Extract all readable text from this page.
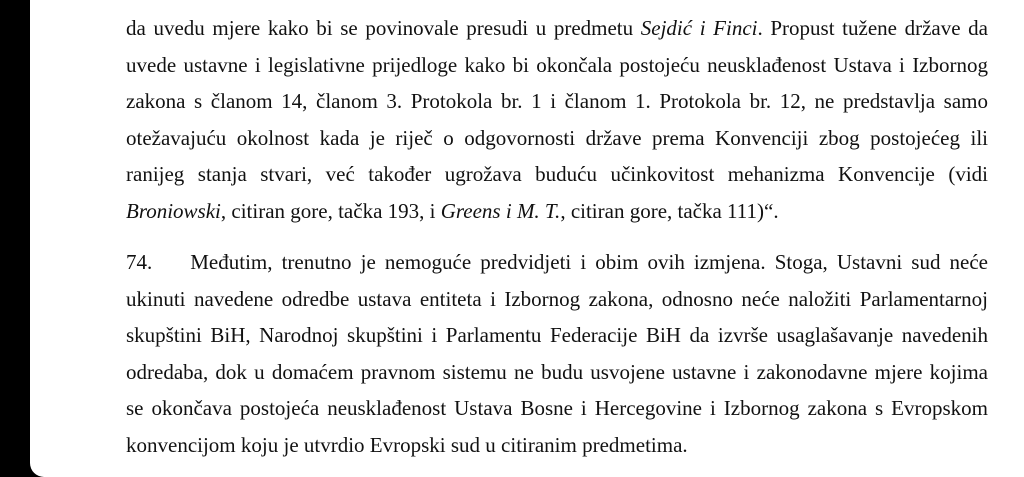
da uvedu mjere kako bi se povinovale presudi u predmetu Sejdić i Finci. Propust tužene države da
uvede ustavne i legislativne prijedloge kako bi okončala postojeću neusklađenost Ustava i Izbornog
zakona s članom 14, članom 3. Protokola br. 1 i članom 1. Protokola br. 12, ne predstavlja samo
otežavajuću okolnost kada je riječ o odgovornosti države prema Konvenciji zbog postojećeg ili
ranijeg stanja stvari, već također ugrožava buduću učinkovitost mehanizma Konvencije (vidi
Broniowski, citiran gore, tačka 193, i Greens i M. T., citiran gore, tačka 111)“.
74. Međutim, trenutno je nemoguće predvidjeti i obim ovih izmjena. Stoga, Ustavni sud neće
ukinuti navedene odredbe ustava entiteta i Izbornog zakona, odnosno neće naložiti Parlamentarnoj
skupštini BiH, Narodnoj skupštini i Parlamentu Federacije BiH da izvrše usaglašavanje navedenih
odredaba, dok u domaćem pravnom sistemu ne budu usvojene ustavne i zakonodavne mjere kojima
se okončava postojeća neusklađenost Ustava Bosne i Hercegovine i Izbornog zakona s Evropskom
konvencijom koju je utvrdio Evropski sud u citiranim predmetima.
